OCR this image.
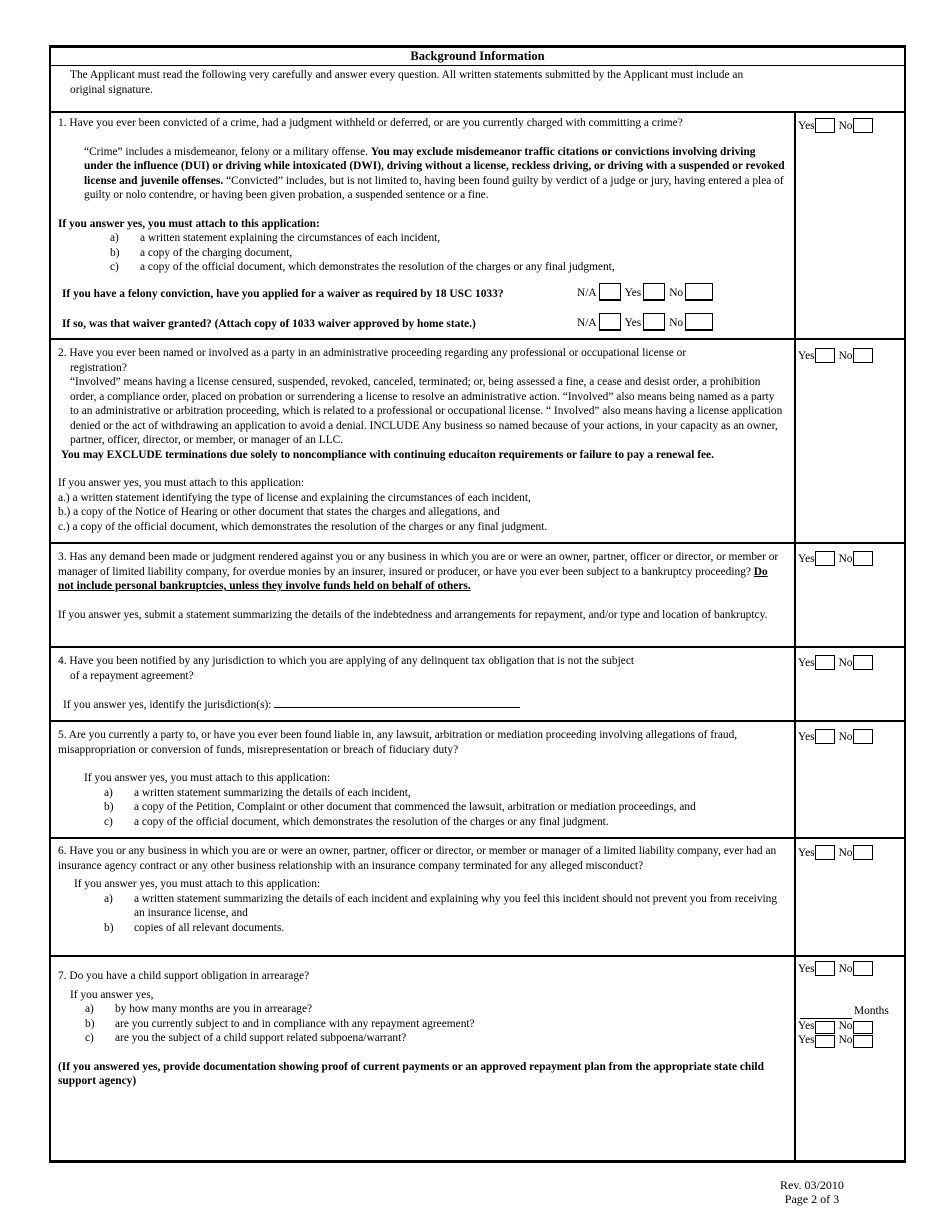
Background Information
The Applicant must read the following very carefully and answer every question. All written statements submitted by the Applicant must include an original signature.

1. Have you ever been convicted of a crime, had a judgment withheld or deferred, or are you currently charged with committing a crime?

“Crime” includes a misdemeanor, felony or a military offense. You may exclude misdemeanor traffic citations or convictions involving driving under the influence (DUI) or driving while intoxicated (DWI), driving without a license, reckless driving, or driving with a suspended or revoked license and juvenile offenses. “Convicted” includes, but is not limited to, having been found guilty by verdict of a judge or jury, having entered a plea of guilty or nolo contendre, or having been given probation, a suspended sentence or a fine.

If you answer yes, you must attach to this application:

a)	a written statement explaining the circumstances of each incident,
b)	a copy of the charging document,
c)	a copy of the official document, which demonstrates the resolution of the charges or any final judgment,
If you have a felony conviction, have you applied for a waiver as required by 18 USC 1033?	N/A Yes No
If so, was that waiver granted? (Attach copy of 1033 waiver approved by home state.)	N/A Yes No
Yes No

2. Have you ever been named or involved as a party in an administrative proceeding regarding any professional or occupational license or

registration?

“Involved” means having a license censured, suspended, revoked, canceled, terminated; or, being assessed a fine, a cease and desist order, a prohibition order, a compliance order, placed on probation or surrendering a license to resolve an administrative action. “Involved” also means being named as a party to an administrative or arbitration proceeding, which is related to a professional or occupational license. “ Involved” also means having a license application denied or the act of withdrawing an application to avoid a denial. INCLUDE Any business so named because of your actions, in your capacity as an owner, partner, officer, director, or member, or manager of an LLC.

You may EXCLUDE terminations due solely to noncompliance with continuing educaiton requirements or failure to pay a renewal fee.

If you answer yes, you must attach to this application:

a.) a written statement identifying the type of license and explaining the circumstances of each incident,

b.) a copy of the Notice of Hearing or other document that states the charges and allegations, and

c.) a copy of the official document, which demonstrates the resolution of the charges or any final judgment.

Yes No

3. Has any demand been made or judgment rendered against you or any business in which you are or were an owner, partner, officer or director, or member or manager of limited liability company, for overdue monies by an insurer, insured or producer, or have you ever been subject to a bankruptcy proceeding? Do not include personal bankruptcies, unless they involve funds held on behalf of others.

If you answer yes, submit a statement summarizing the details of the indebtedness and arrangements for repayment, and/or type and location of bankruptcy.

Yes No

4. Have you been notified by any jurisdiction to which you are applying of any delinquent tax obligation that is not the subject

of a repayment agreement?

If you answer yes, identify the jurisdiction(s):

Yes No

5. Are you currently a party to, or have you ever been found liable in, any lawsuit, arbitration or mediation proceeding involving allegations of fraud, misappropriation or conversion of funds, misrepresentation or breach of fiduciary duty?

If you answer yes, you must attach to this application:

a)	a written statement summarizing the details of each incident,
b)	a copy of the Petition, Complaint or other document that commenced the lawsuit, arbitration or mediation proceedings, and
c)	a copy of the official document, which demonstrates the resolution of the charges or any final judgment.
Yes No

6. Have you or any business in which you are or were an owner, partner, officer or director, or member or manager of a limited liability company, ever had an insurance agency contract or any other business relationship with an insurance company terminated for any alleged misconduct?

If you answer yes, you must attach to this application:

a)	a written statement summarizing the details of each incident and explaining why you feel this incident should not prevent you from receiving an insurance license, and
b)	copies of all relevant documents.
Yes No

7. Do you have a child support obligation in arrearage?

If you answer yes,

a)	by how many months are you in arrearage?
b)	are you currently subject to and in compliance with any repayment agreement?
c)	are you the subject of a child support related subpoena/warrant?

(If you answered yes, provide documentation showing proof of current payments or an approved repayment plan from the appropriate state child support agency)

Yes No
Months
Yes No
Yes No
Rev. 03/2010
Page 2 of 3
